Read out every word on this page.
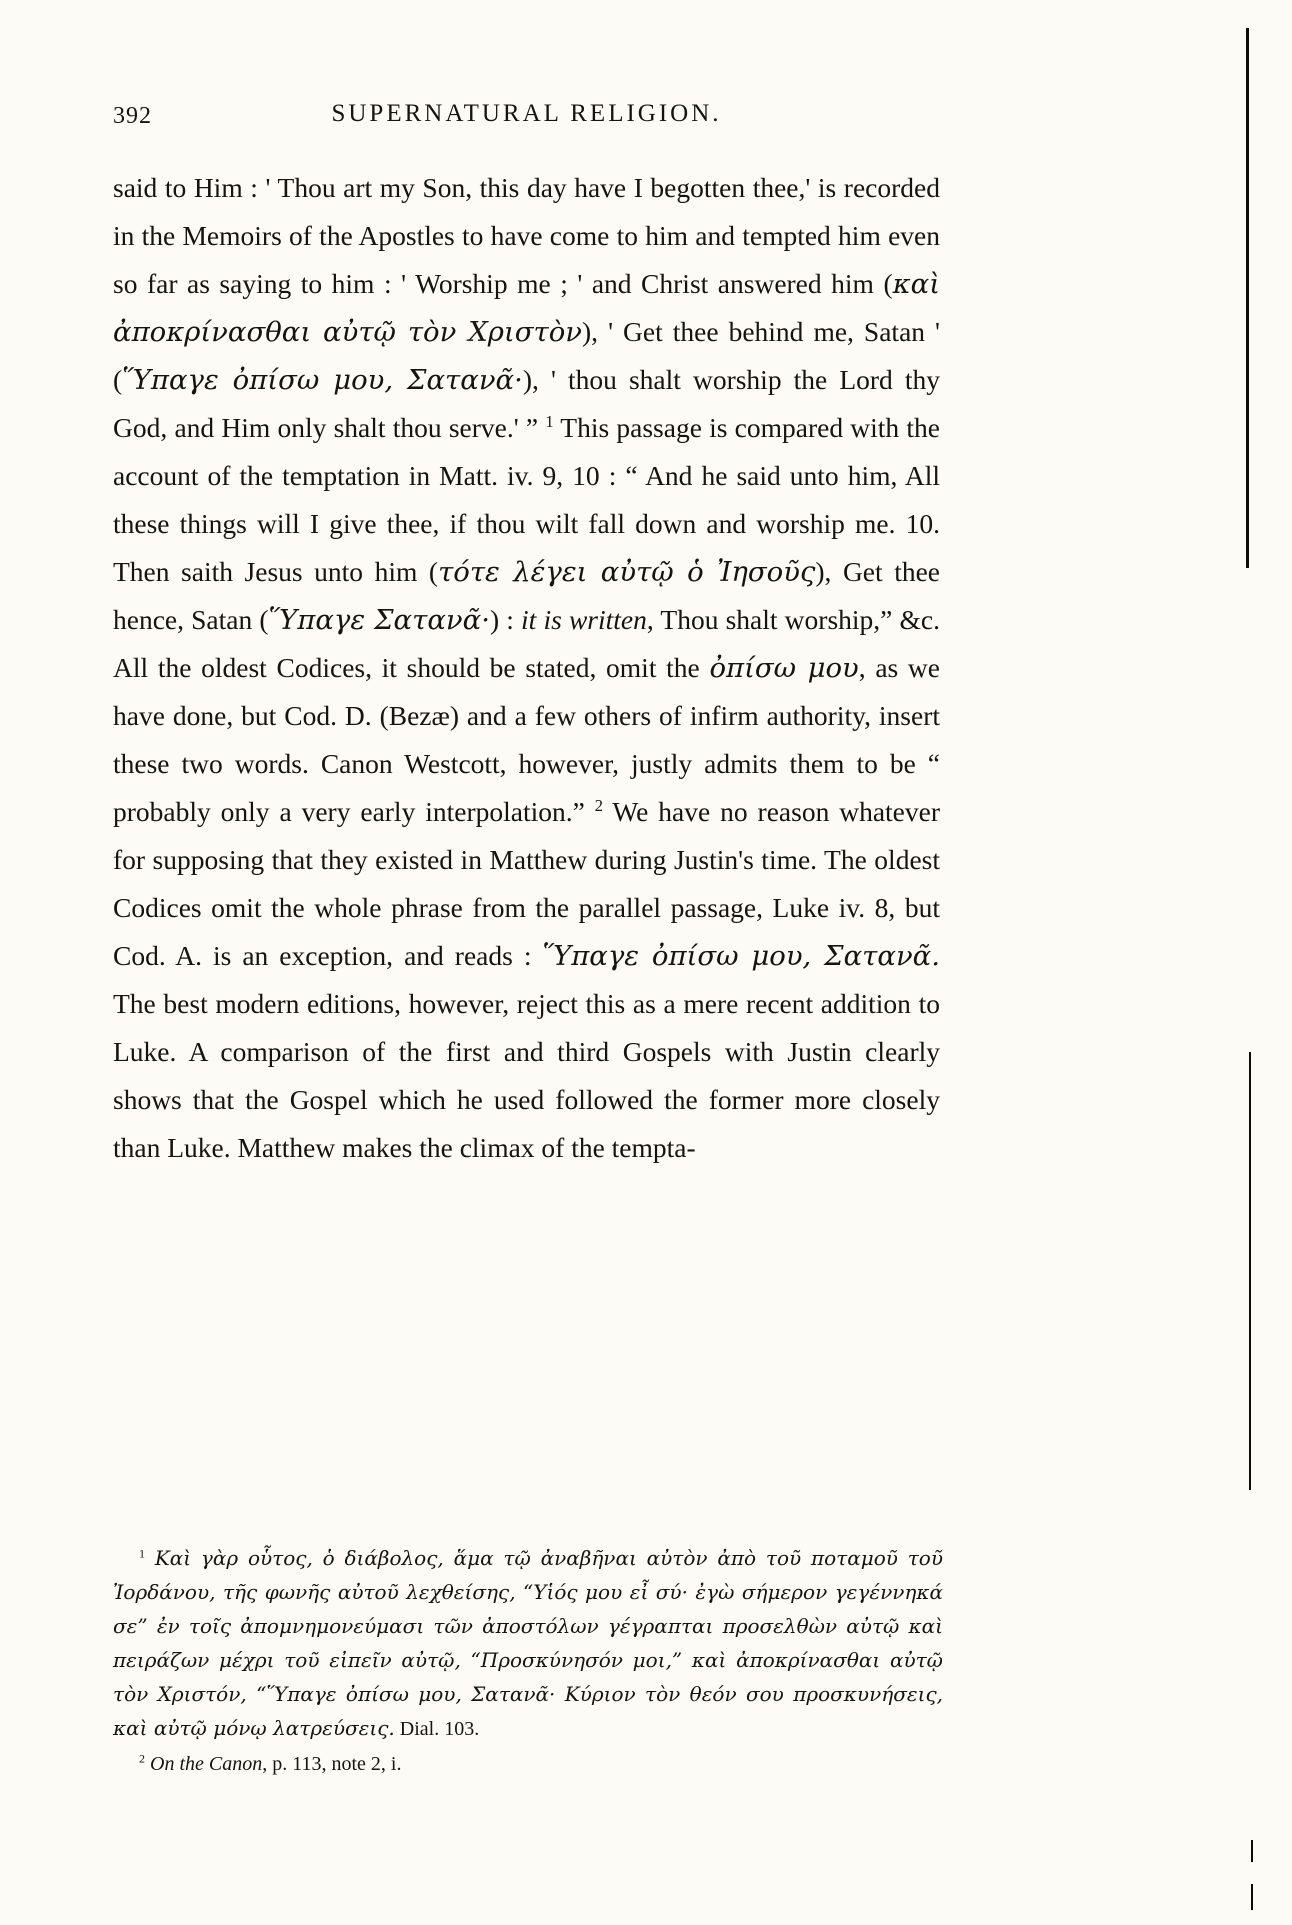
392	SUPERNATURAL RELIGION.

said to Him : ' Thou art my Son, this day have I begotten thee,' is recorded in the Memoirs of the Apostles to have come to him and tempted him even so far as saying to him : ' Worship me ; ' and Christ answered him (καὶ ἀποκρίνασθαι αὐτῷ τὸν Χριστὸν), ' Get thee behind me, Satan ' (Ὕπαγε ὀπίσω μου, Σατανᾶ·), ' thou shalt worship the Lord thy God, and Him only shalt thou serve.' ” $^1$ This passage is compared with the account of the temptation in Matt. iv. 9, 10 : “ And he said unto him, All these things will I give thee, if thou wilt fall down and worship me. 10. Then saith Jesus unto him (τότε λέγει αὐτῷ ὁ Ἰησοῦς), Get thee hence, Satan (Ὕπαγε Σατανᾶ·) : it is written, Thou shalt worship,” &c. All the oldest Codices, it should be stated, omit the ὀπίσω μου, as we have done, but Cod. D. (Bezæ) and a few others of infirm authority, insert these two words. Canon Westcott, however, justly admits them to be “ probably only a very early interpolation.” $^2$ We have no reason whatever for supposing that they existed in Matthew during Justin's time. The oldest Codices omit the whole phrase from the parallel passage, Luke iv. 8, but Cod. A. is an exception, and reads : Ὕπαγε ὀπίσω μου, Σατανᾶ. The best modern editions, however, reject this as a mere recent addition to Luke. A comparison of the first and third Gospels with Justin clearly shows that the Gospel which he used followed the former more closely than Luke. Matthew makes the climax of the tempta-

$^1$ Καὶ γὰρ οὗτος, ὁ διάβολος, ἅμα τῷ ἀναβῆναι αὐτὸν ἀπὸ τοῦ ποταμοῦ τοῦ Ἰορδάνου, τῆς φωνῆς αὐτοῦ λεχθείσης, “Υἱός μου εἶ σύ· ἐγὼ σήμερον γεγέννηκά σε” ἐν τοῖς ἀπομνημονεύμασι τῶν ἀποστόλων γέγραπται προσελθὼν αὐτῷ καὶ πειράζων μέχρι τοῦ εἰπεῖν αὐτῷ, “Προσκύνησόν μοι,” καὶ ἀποκρίνασθαι αὐτῷ τὸν Χριστόν, “Ὕπαγε ὀπίσω μου, Σατανᾶ· Κύριον τὸν θεόν σου προσκυνήσεις, καὶ αὐτῷ μόνῳ λατρεύσεις. Dial. 103.

$^2$ On the Canon, p. 113, note 2, i.
